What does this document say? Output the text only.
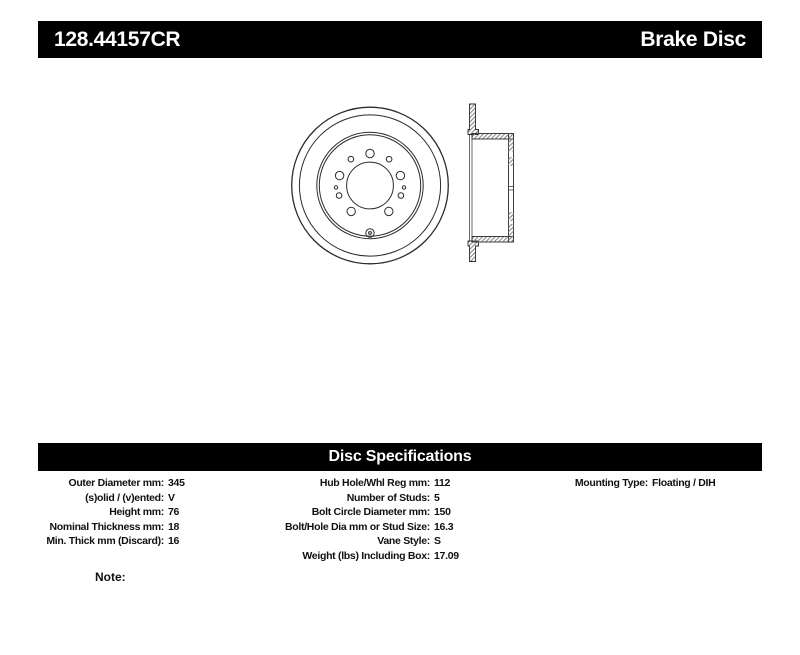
128.44157CR	Brake Disc
Disc Specifications
Outer Diameter mm: 345
(s)olid / (v)ented: V
Height mm: 76
Nominal Thickness mm: 18
Min. Thick mm (Discard): 16
Hub Hole/Whl Reg mm: 112
Number of Studs: 5
Bolt Circle Diameter mm: 150
Bolt/Hole Dia mm or Stud Size: 16.3
Vane Style: S
Weight (lbs) Including Box: 17.09
Mounting Type: Floating / DIH
Note:
